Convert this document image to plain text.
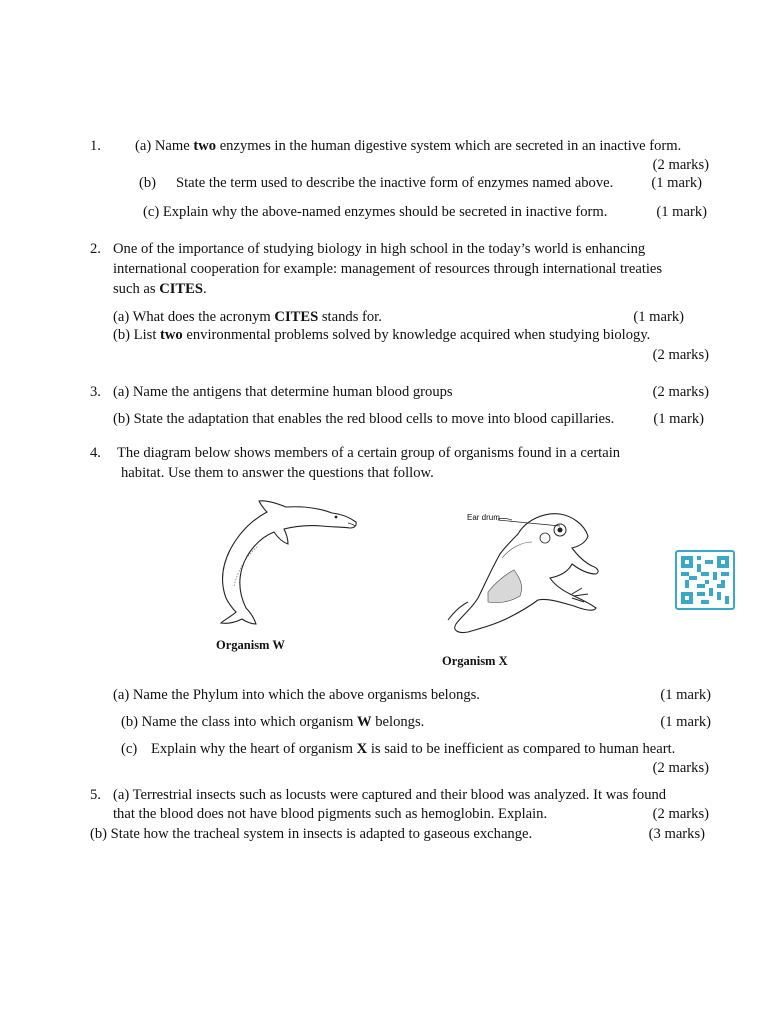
1. (a) Name two enzymes in the human digestive system which are secreted in an inactive form.
(2 marks)
(b) State the term used to describe the inactive form of enzymes named above.	(1 mark)
(c) Explain why the above-named enzymes should be secreted in inactive form.	(1 mark)
2. One of the importance of studying biology in high school in the today’s world is enhancing
international cooperation for example: management of resources through international treaties
such as CITES.
(a) What does the acronym CITES stands for.	(1 mark)
(b) List two environmental problems solved by knowledge acquired when studying biology.
(2 marks)
3. (a) Name the antigens that determine human blood groups	(2 marks)
(b) State the adaptation that enables the red blood cells to move into blood capillaries.	(1 mark)
4. The diagram below shows members of a certain group of organisms found in a certain
habitat. Use them to answer the questions that follow.
Organism W
Ear drum
Organism X
(a) Name the Phylum into which the above organisms belongs.	(1 mark)
(b) Name the class into which organism W belongs.	(1 mark)
(c) Explain why the heart of organism X is said to be inefficient as compared to human heart.
(2 marks)
5. (a) Terrestrial insects such as locusts were captured and their blood was analyzed. It was found
that the blood does not have blood pigments such as hemoglobin. Explain.	(2 marks)
(b) State how the tracheal system in insects is adapted to gaseous exchange.	(3 marks)
